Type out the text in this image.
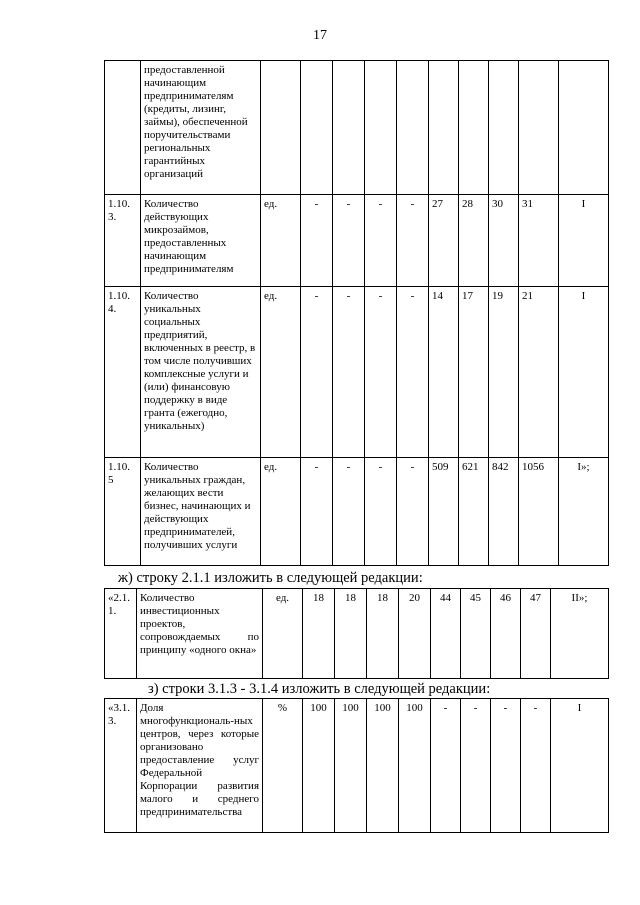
17
	предоставленной начинающим предпринимателям (кредиты, лизинг, займы), обеспеченной поручительствами региональных гарантийных организаций										
1.10. 3.	Количество действующих микрозаймов, предоставленных начинающим предпринимателям	ед.	-	-	-	-	27	28	30	31	I
1.10. 4.	Количество уникальных социальных предприятий, включенных в реестр, в том числе получивших комплексные услуги и (или) финансовую поддержку в виде гранта (ежегодно, уникальных)	ед.	-	-	-	-	14	17	19	21	I
1.10. 5	Количество уникальных граждан, желающих вести бизнес, начинающих и действующих предпринимателей, получивших услуги	ед.	-	-	-	-	509	621	842	1056	I»;
ж) строку 2.1.1 изложить в следующей редакции:
«2.1. 1.	Количество инвестиционных проектов, сопровождаемых по принципу «одного окна»	ед.	18	18	18	20	44	45	46	47	II»;
з) строки 3.1.3 - 3.1.4 изложить в следующей редакции:
«3.1. 3.	Доля многофункциональ-ных центров, через которые организовано предоставление услуг Федеральной Корпорации развития малого и среднего предпринимательства	%	100	100	100	100	-	-	-	-	I
